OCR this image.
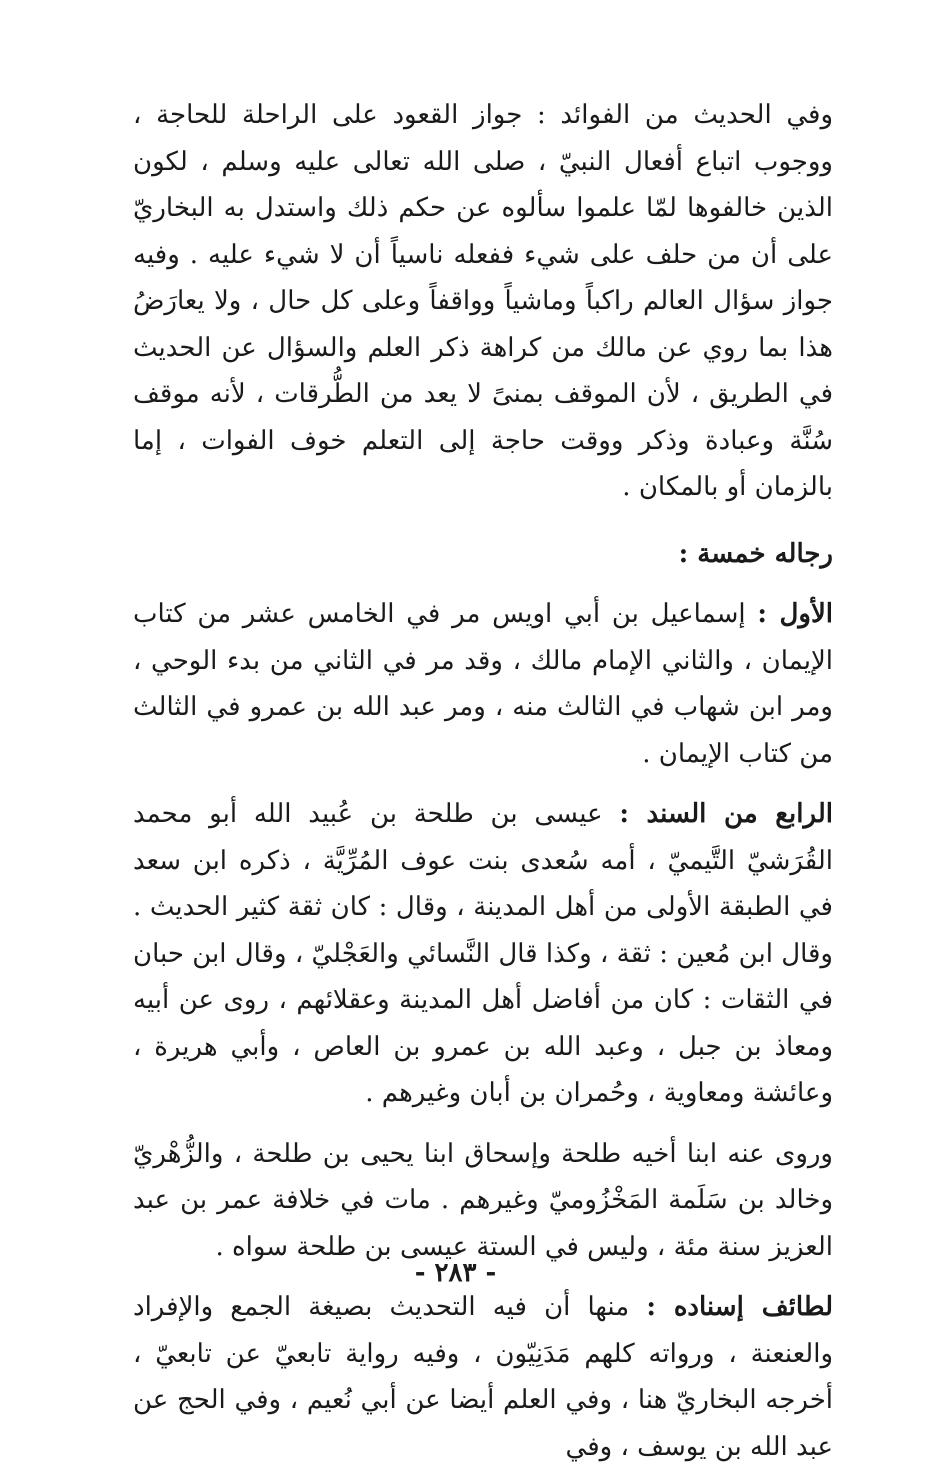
وفي الحديث من الفوائد : جواز القعود على الراحلة للحاجة ، ووجوب اتباع أفعال النبيّ ، صلى الله تعالى عليه وسلم ، لكون الذين خالفوها لمّا علموا سألوه عن حكم ذلك واستدل به البخاريّ على أن من حلف على شيء ففعله ناسياً أن لا شيء عليه . وفيه جواز سؤال العالم راكباً وماشياً وواقفاً وعلى كل حال ، ولا يعارَضُ هذا بما روي عن مالك من كراهة ذكر العلم والسؤال عن الحديث في الطريق ، لأن الموقف بمنىً لا يعد من الطُّرقات ، لأنه موقف سُنَّة وعبادة وذكر ووقت حاجة إلى التعلم خوف الفوات ، إما بالزمان أو بالمكان .

رجاله خمسة :

الأول : إسماعيل بن أبي اويس مر في الخامس عشر من كتاب الإيمان ، والثاني الإمام مالك ، وقد مر في الثاني من بدء الوحي ، ومر ابن شهاب في الثالث منه ، ومر عبد الله بن عمرو في الثالث من كتاب الإيمان .

الرابع من السند : عيسى بن طلحة بن عُبيد الله أبو محمد القُرَشيّ التَّيميّ ، أمه سُعدى بنت عوف المُرِّيَّة ، ذكره ابن سعد في الطبقة الأولى من أهل المدينة ، وقال : كان ثقة كثير الحديث . وقال ابن مُعين : ثقة ، وكذا قال النَّسائي والعَجْليّ ، وقال ابن حبان في الثقات : كان من أفاضل أهل المدينة وعقلائهم ، روى عن أبيه ومعاذ بن جبل ، وعبد الله بن عمرو بن العاص ، وأبي هريرة ، وعائشة ومعاوية ، وحُمران بن أبان وغيرهم .

وروى عنه ابنا أخيه طلحة وإسحاق ابنا يحيى بن طلحة ، والزُّهْريّ وخالد بن سَلَمة المَخْزُوميّ وغيرهم . مات في خلافة عمر بن عبد العزيز سنة مئة ، وليس في الستة عيسى بن طلحة سواه .

لطائف إسناده : منها أن فيه التحديث بصيغة الجمع والإفراد والعنعنة ، ورواته كلهم مَدَنِيّون ، وفيه رواية تابعيّ عن تابعيّ ، أخرجه البخاريّ هنا ، وفي العلم أيضا عن أبي نُعيم ، وفي الحج عن عبد الله بن يوسف ، وفي

- ٢٨٣ -
